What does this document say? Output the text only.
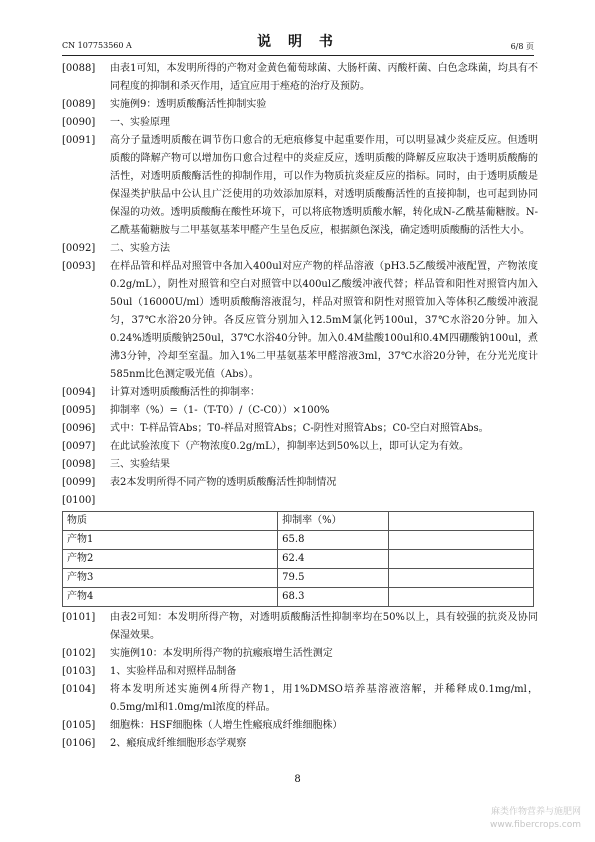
CN 107753560 A	说 明 书	6/8 页
[0088]	由表1可知，本发明所得的产物对金黄色葡萄球菌、大肠杆菌、丙酸杆菌、白色念珠菌，均具有不同程度的抑制和杀灭作用，适宜应用于痤疮的治疗及预防。
[0089]	实施例9：透明质酸酶活性抑制实验
[0090]	一、实验原理
[0091]	高分子量透明质酸在调节伤口愈合的无疤痕修复中起重要作用，可以明显减少炎症反应。但透明质酸的降解产物可以增加伤口愈合过程中的炎症反应，透明质酸的降解反应取决于透明质酸酶的活性，对透明质酸酶活性的抑制作用，可以作为物质抗炎症反应的指标。同时，由于透明质酸是保湿类护肤品中公认且广泛使用的功效添加原料，对透明质酸酶活性的直接抑制，也可起到协同保湿的功效。透明质酸酶在酸性环境下，可以将底物透明质酸水解，转化成N-乙酰基葡糖胺。N-乙酰基葡糖胺与二甲基氨基苯甲醛产生呈色反应，根据颜色深浅，确定透明质酸酶的活性大小。
[0092]	二、实验方法
[0093]	在样品管和样品对照管中各加入400ul对应产物的样品溶液（pH3.5乙酸缓冲液配置，产物浓度0.2g/mL），阴性对照管和空白对照管中以400ul乙酸缓冲液代替；样品管和阳性对照管内加入50ul（16000U/ml）透明质酸酶溶液混匀，样品对照管和阴性对照管加入等体积乙酸缓冲液混匀，37℃水浴20分钟。各反应管分别加入12.5mM氯化钙100ul，37℃水浴20分钟。加入0.24%透明质酸钠250ul，37℃水浴40分钟。加入0.4M盐酸100ul和0.4M四硼酸钠100ul，煮沸3分钟，冷却至室温。加入1%二甲基氨基苯甲醛溶液3ml，37℃水浴20分钟，在分光光度计585nm比色测定吸光值（Abs）。
[0094]	计算对透明质酸酶活性的抑制率：
[0095]	抑制率（%）=（1-（T-T0）/（C-C0））×100%
[0096]	式中：T-样品管Abs；T0-样品对照管Abs；C-阴性对照管Abs；C0-空白对照管Abs。
[0097]	在此试验浓度下（产物浓度0.2g/mL），抑制率达到50%以上，即可认定为有效。
[0098]	三、实验结果
[0099]	表2本发明所得不同产物的透明质酸酶活性抑制情况
[0100]
物质	抑制率（%）	
产物1	65.8	
产物2	62.4	
产物3	79.5	
产物4	68.3	
[0101]	由表2可知：本发明所得产物，对透明质酸酶活性抑制率均在50%以上，具有较强的抗炎及协同保湿效果。
[0102]	实施例10：本发明所得产物的抗瘢痕增生活性测定
[0103]	1、实验样品和对照样品制备
[0104]	将本发明所述实施例4所得产物1，用1%DMSO培养基溶液溶解，并稀释成0.1mg/ml，0.5mg/ml和1.0mg/ml浓度的样品。
[0105]	细胞株：HSF细胞株（人增生性瘢痕成纤维细胞株）
[0106]	2、瘢痕成纤维细胞形态学观察
8
麻类作物营养与施肥网
www.fibercrops.com
